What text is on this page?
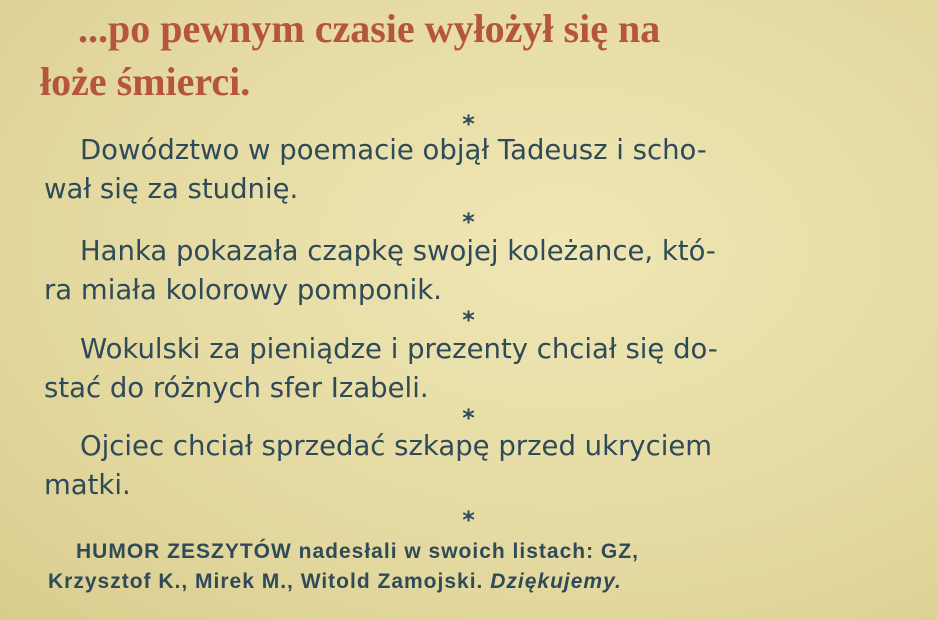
...po pewnym czasie wyłożył się na
łoże śmierci.
*
Dowództwo w poemacie objął Tadeusz i scho-
wał się za studnię.
*
Hanka pokazała czapkę swojej koleżance, któ-
ra miała kolorowy pomponik.
*
Wokulski za pieniądze i prezenty chciał się do-
stać do różnych sfer Izabeli.
*
Ojciec chciał sprzedać szkapę przed ukryciem
matki.
*
HUMOR ZESZYTÓW nadesłali w swoich listach: GZ,
Krzysztof K., Mirek M., Witold Zamojski. Dziękujemy.
